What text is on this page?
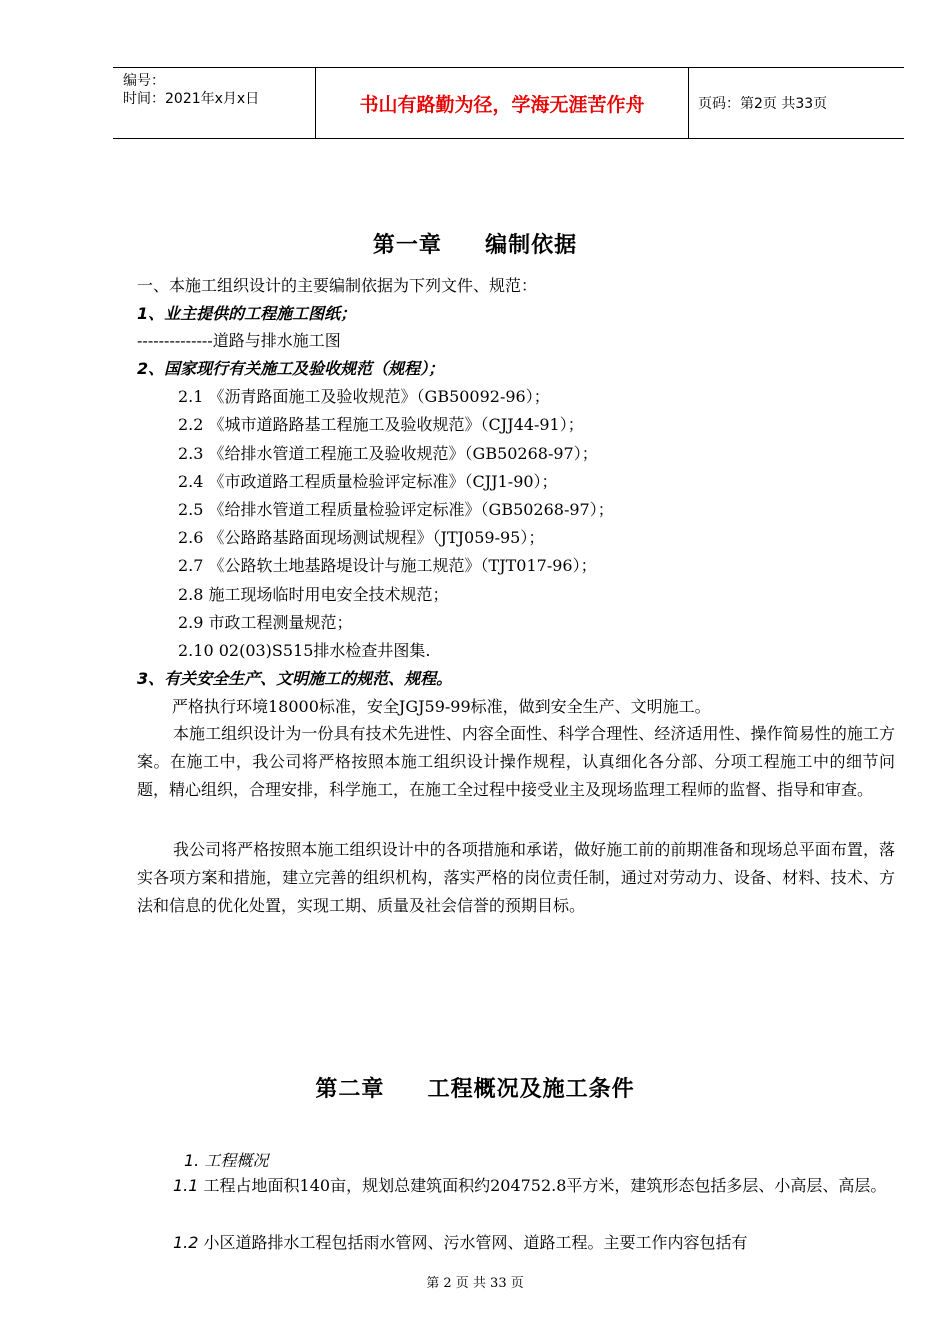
编号：
时间：2021年x月x日	书山有路勤为径，学海无涯苦作舟	页码：第2页 共33页
第一章     编制依据
一、本施工组织设计的主要编制依据为下列文件、规范：
1、业主提供的工程施工图纸；
--------------道路与排水施工图
2、国家现行有关施工及验收规范（规程）；
2.1 《沥青路面施工及验收规范》（GB50092-96）；
2.2 《城市道路路基工程施工及验收规范》（CJJ44-91）；
2.3 《给排水管道工程施工及验收规范》（GB50268-97）；
2.4 《市政道路工程质量检验评定标准》（CJJ1-90）；
2.5 《给排水管道工程质量检验评定标准》（GB50268-97）；
2.6 《公路路基路面现场测试规程》（JTJ059-95）；
2.7 《公路软土地基路堤设计与施工规范》（TJT017-96）；
2.8 施工现场临时用电安全技术规范；
2.9 市政工程测量规范；
2.10 02(03)S515排水检查井图集.
3、有关安全生产、文明施工的规范、规程。
严格执行环境18000标准，安全JGJ59-99标准，做到安全生产、文明施工。
本施工组织设计为一份具有技术先进性、内容全面性、科学合理性、经济适用性、操作简易性的施工方案。在施工中，我公司将严格按照本施工组织设计操作规程，认真细化各分部、分项工程施工中的细节问题，精心组织，合理安排，科学施工，在施工全过程中接受业主及现场监理工程师的监督、指导和审查。
我公司将严格按照本施工组织设计中的各项措施和承诺，做好施工前的前期准备和现场总平面布置，落实各项方案和措施，建立完善的组织机构，落实严格的岗位责任制，通过对劳动力、设备、材料、技术、方法和信息的优化处置，实现工期、质量及社会信誉的预期目标。
第二章     工程概况及施工条件
1. 工程概况
1.1 工程占地面积140亩，规划总建筑面积约204752.8平方米，建筑形态包括多层、小高层、高层。
1.2 小区道路排水工程包括雨水管网、污水管网、道路工程。主要工作内容包括有
第 2 页 共 33 页
